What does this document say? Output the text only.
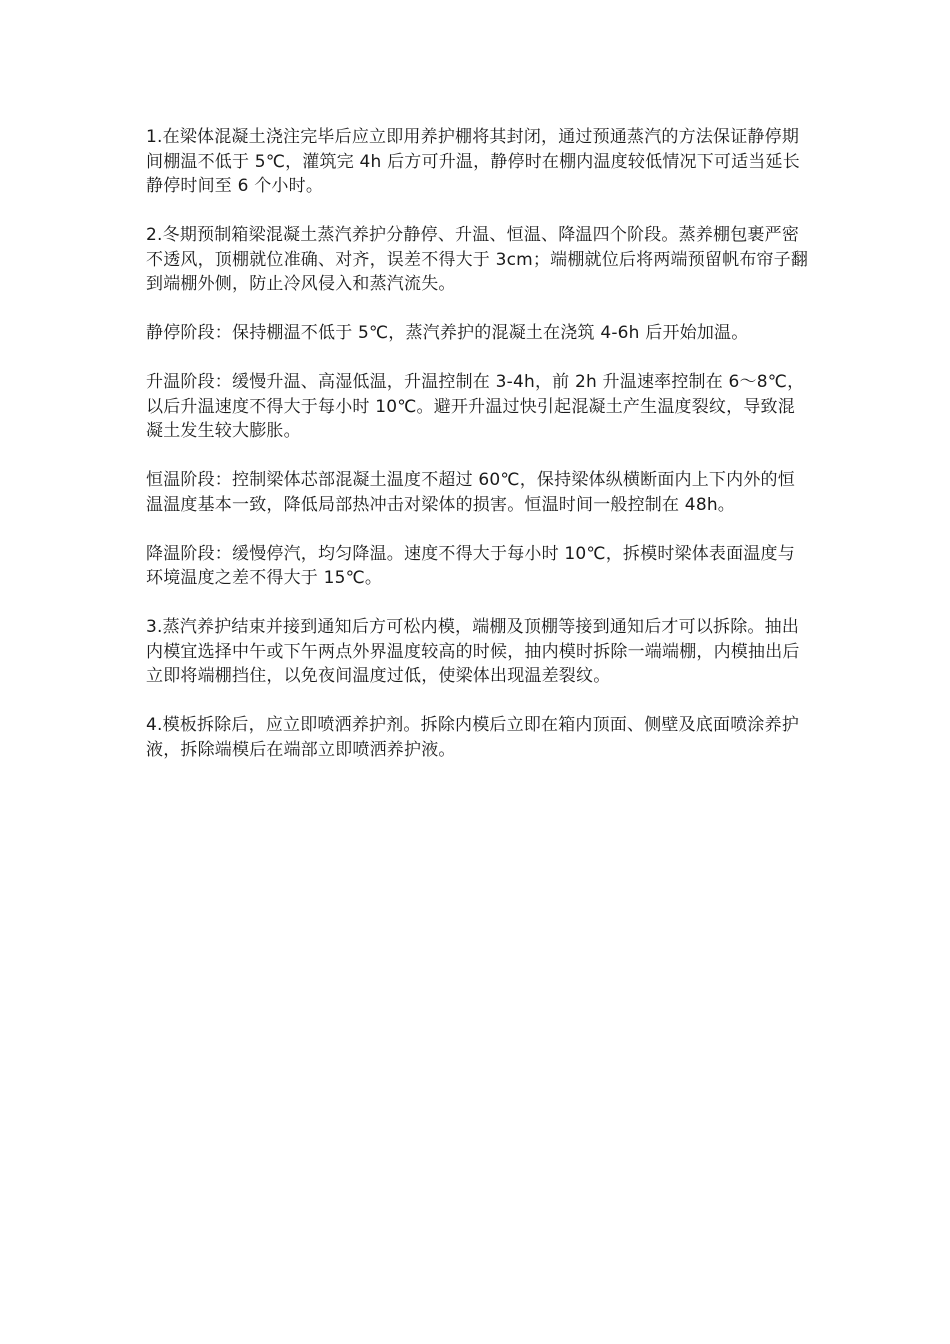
1.在梁体混凝土浇注完毕后应立即用养护棚将其封闭，通过预通蒸汽的方法保证静停期间棚温不低于 5℃，灌筑完 4h 后方可升温，静停时在棚内温度较低情况下可适当延长静停时间至 6 个小时。

2.冬期预制箱梁混凝土蒸汽养护分静停、升温、恒温、降温四个阶段。蒸养棚包裹严密不透风，顶棚就位准确、对齐，误差不得大于 3cm；端棚就位后将两端预留帆布帘子翻到端棚外侧，防止冷风侵入和蒸汽流失。

静停阶段：保持棚温不低于 5℃，蒸汽养护的混凝土在浇筑 4-6h 后开始加温。

升温阶段：缓慢升温、高湿低温，升温控制在 3-4h，前 2h 升温速率控制在 6～8℃，以后升温速度不得大于每小时 10℃。避开升温过快引起混凝土产生温度裂纹，导致混凝土发生较大膨胀。

恒温阶段：控制梁体芯部混凝土温度不超过 60℃，保持梁体纵横断面内上下内外的恒温温度基本一致，降低局部热冲击对梁体的损害。恒温时间一般控制在 48h。

降温阶段：缓慢停汽，均匀降温。速度不得大于每小时 10℃，拆模时梁体表面温度与环境温度之差不得大于 15℃。

3.蒸汽养护结束并接到通知后方可松内模，端棚及顶棚等接到通知后才可以拆除。抽出内模宜选择中午或下午两点外界温度较高的时候，抽内模时拆除一端端棚，内模抽出后立即将端棚挡住，以免夜间温度过低，使梁体出现温差裂纹。

4.模板拆除后，应立即喷洒养护剂。拆除内模后立即在箱内顶面、侧壁及底面喷涂养护液，拆除端模后在端部立即喷洒养护液。
